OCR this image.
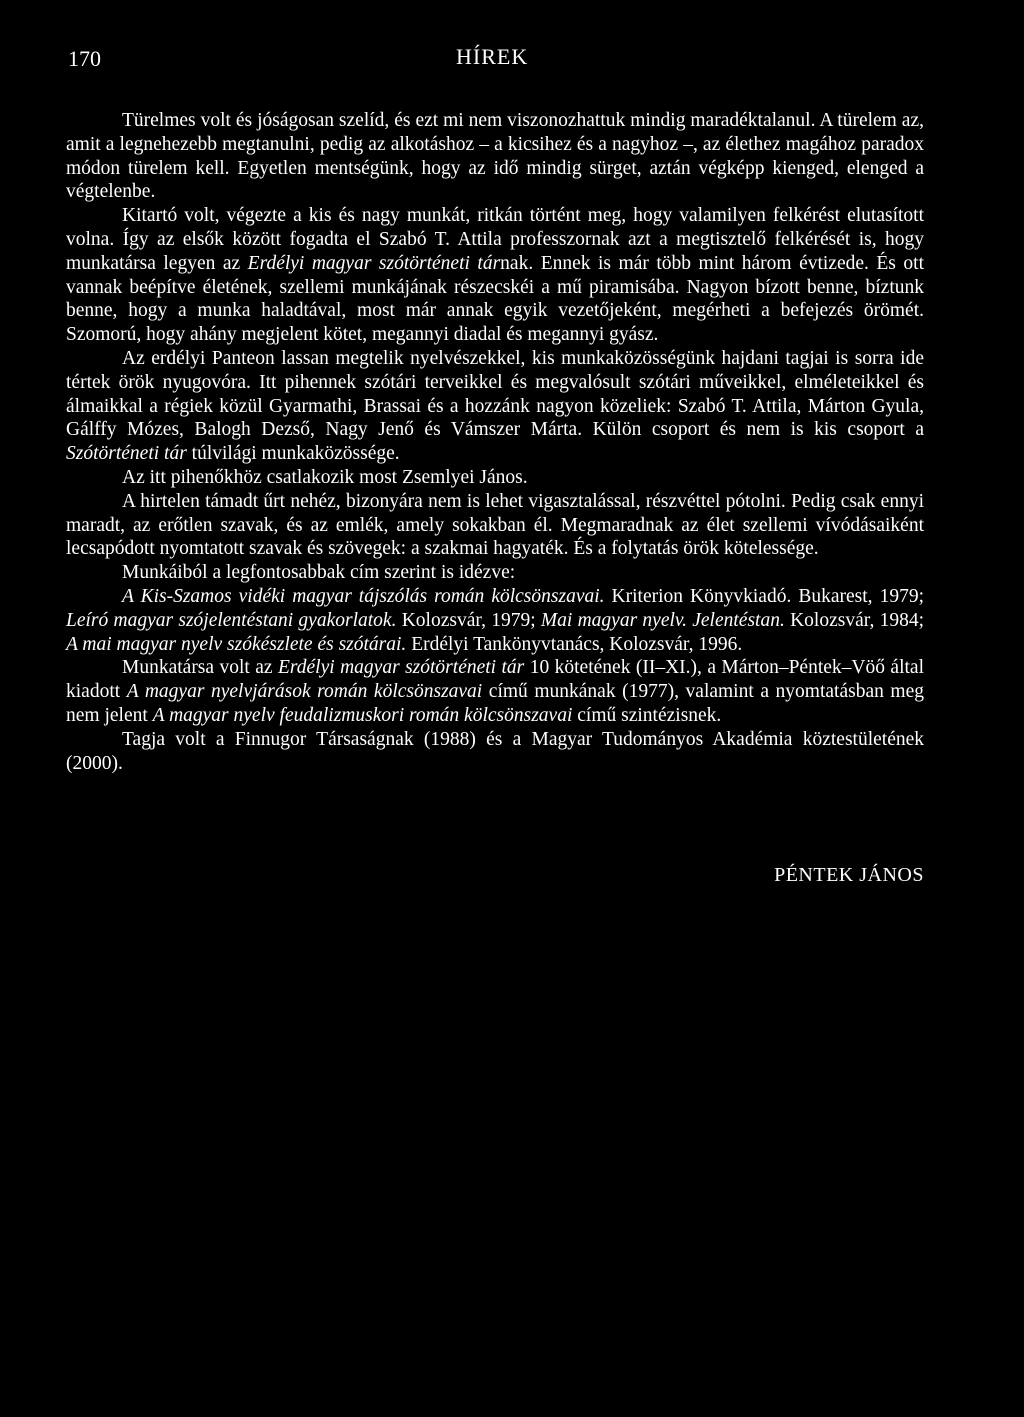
170	HÍREK

Türelmes volt és jóságosan szelíd, és ezt mi nem viszonozhattuk mindig maradéktalanul. A türelem az, amit a legnehezebb megtanulni, pedig az alkotáshoz – a kicsihez és a nagyhoz –, az élethez magához paradox módon türelem kell. Egyetlen mentségünk, hogy az idő mindig sürget, aztán végképp kienged, elenged a végtelenbe.

Kitartó volt, végezte a kis és nagy munkát, ritkán történt meg, hogy valamilyen felkérést elutasított volna. Így az elsők között fogadta el Szabó T. Attila professzornak azt a megtisztelő felkérését is, hogy munkatársa legyen az Erdélyi magyar szótörténeti tárnak. Ennek is már több mint három évtizede. És ott vannak beépítve életének, szellemi munkájának részecskéi a mű piramisába. Nagyon bízott benne, bíztunk benne, hogy a munka haladtával, most már annak egyik vezetőjeként, megérheti a befejezés örömét. Szomorú, hogy ahány megjelent kötet, megannyi diadal és megannyi gyász.

Az erdélyi Panteon lassan megtelik nyelvészekkel, kis munkaközösségünk hajdani tagjai is sorra ide tértek örök nyugovóra. Itt pihennek szótári terveikkel és megvalósult szótári műveikkel, elméleteikkel és álmaikkal a régiek közül Gyarmathi, Brassai és a hozzánk nagyon közeliek: Szabó T. Attila, Márton Gyula, Gálffy Mózes, Balogh Dezső, Nagy Jenő és Vámszer Márta. Külön csoport és nem is kis csoport a Szótörténeti tár túlvilági munkaközössége.

Az itt pihenőkhöz csatlakozik most Zsemlyei János.

A hirtelen támadt űrt nehéz, bizonyára nem is lehet vigasztalással, részvéttel pótolni. Pedig csak ennyi maradt, az erőtlen szavak, és az emlék, amely sokakban él. Megmaradnak az élet szellemi vívódásaiként lecsapódott nyomtatott szavak és szövegek: a szakmai hagyaték. És a folytatás örök kötelessége.

Munkáiból a legfontosabbak cím szerint is idézve:

A Kis-Szamos vidéki magyar tájszólás román kölcsönszavai. Kriterion Könyvkiadó. Bukarest, 1979; Leíró magyar szójelentéstani gyakorlatok. Kolozsvár, 1979; Mai magyar nyelv. Jelentéstan. Kolozsvár, 1984; A mai magyar nyelv szókészlete és szótárai. Erdélyi Tankönyvtanács, Kolozsvár, 1996.

Munkatársa volt az Erdélyi magyar szótörténeti tár 10 kötetének (II–XI.), a Márton–Péntek–Vöő által kiadott A magyar nyelvjárások román kölcsönszavai című munkának (1977), valamint a nyomtatásban meg nem jelent A magyar nyelv feudalizmuskori román kölcsönszavai című szintézisnek.

Tagja volt a Finnugor Társaságnak (1988) és a Magyar Tudományos Akadémia köztestületének (2000).

PÉNTEK JÁNOS
